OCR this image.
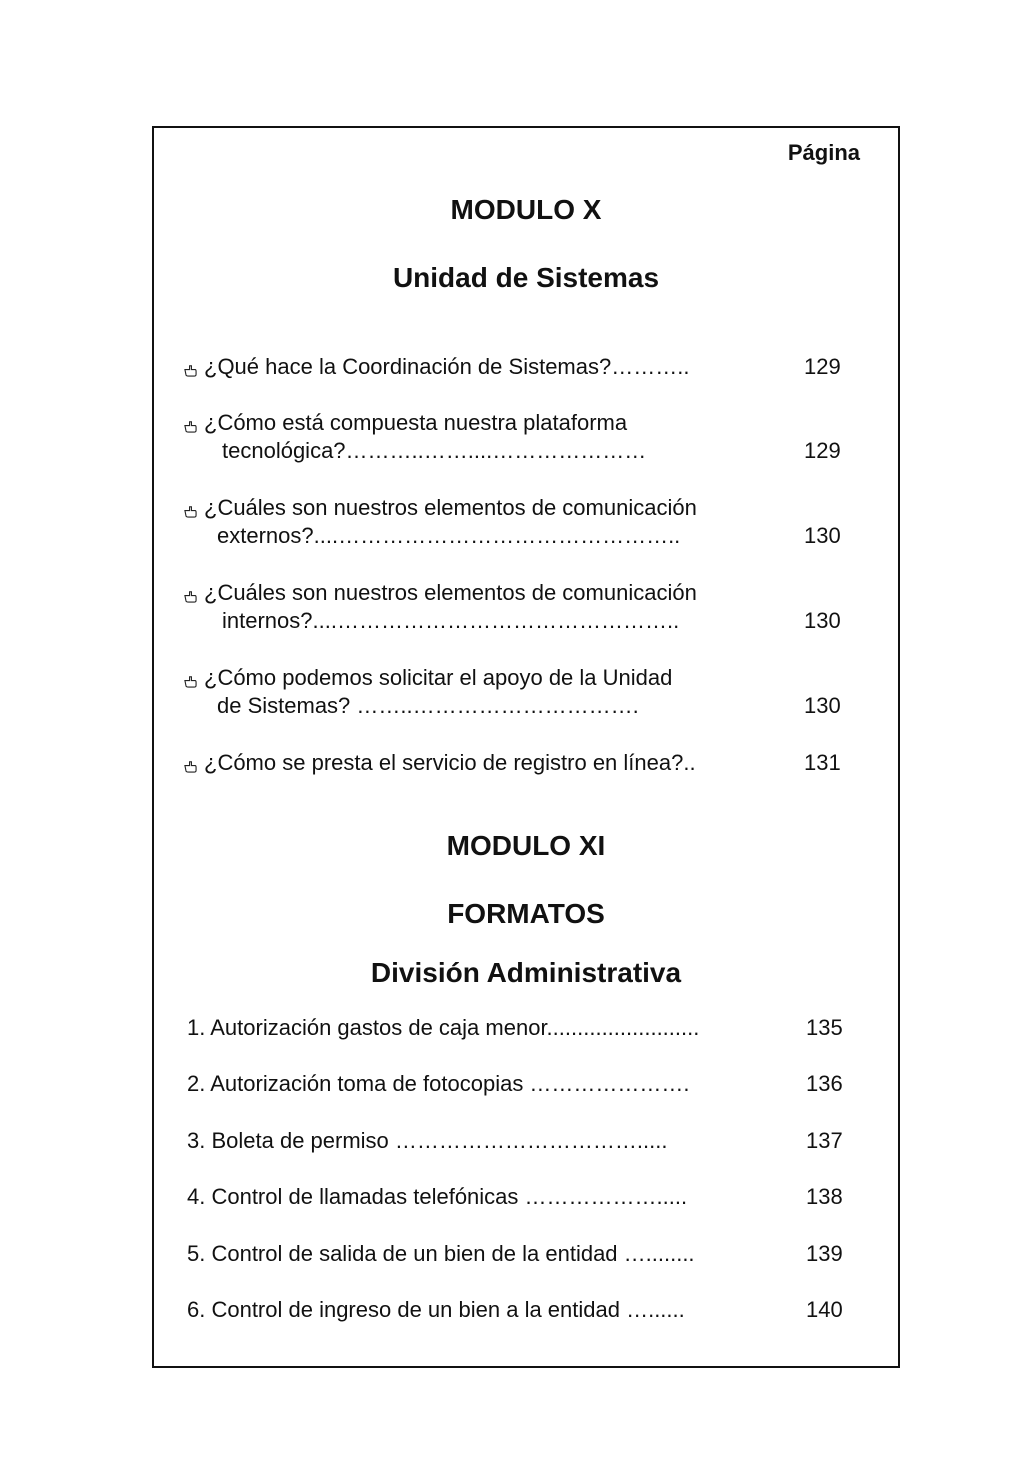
Página
MODULO X
Unidad de Sistemas
¿Qué hace la Coordinación de Sistemas?………..	129
¿Cómo está compuesta nuestra plataforma
tecnológica?………..……....…………………	129
¿Cuáles son nuestros elementos de comunicación
externos?....………………………………………..	130
¿Cuáles son nuestros elementos de comunicación
internos?....………………………………………..	130
¿Cómo podemos solicitar el apoyo de la Unidad
de Sistemas? ……..………………………….	130
¿Cómo se presta el servicio de registro en línea?..	131
MODULO XI
FORMATOS
División Administrativa
1. Autorización gastos de caja menor.........................	135
2. Autorización toma de fotocopias ………………….	136
3. Boleta de permiso …………………………….....	137
4. Control de llamadas telefónicas ……………….....	138
5. Control de salida de un bien de la entidad …........	139
6. Control de ingreso de un bien a la entidad …......	140
